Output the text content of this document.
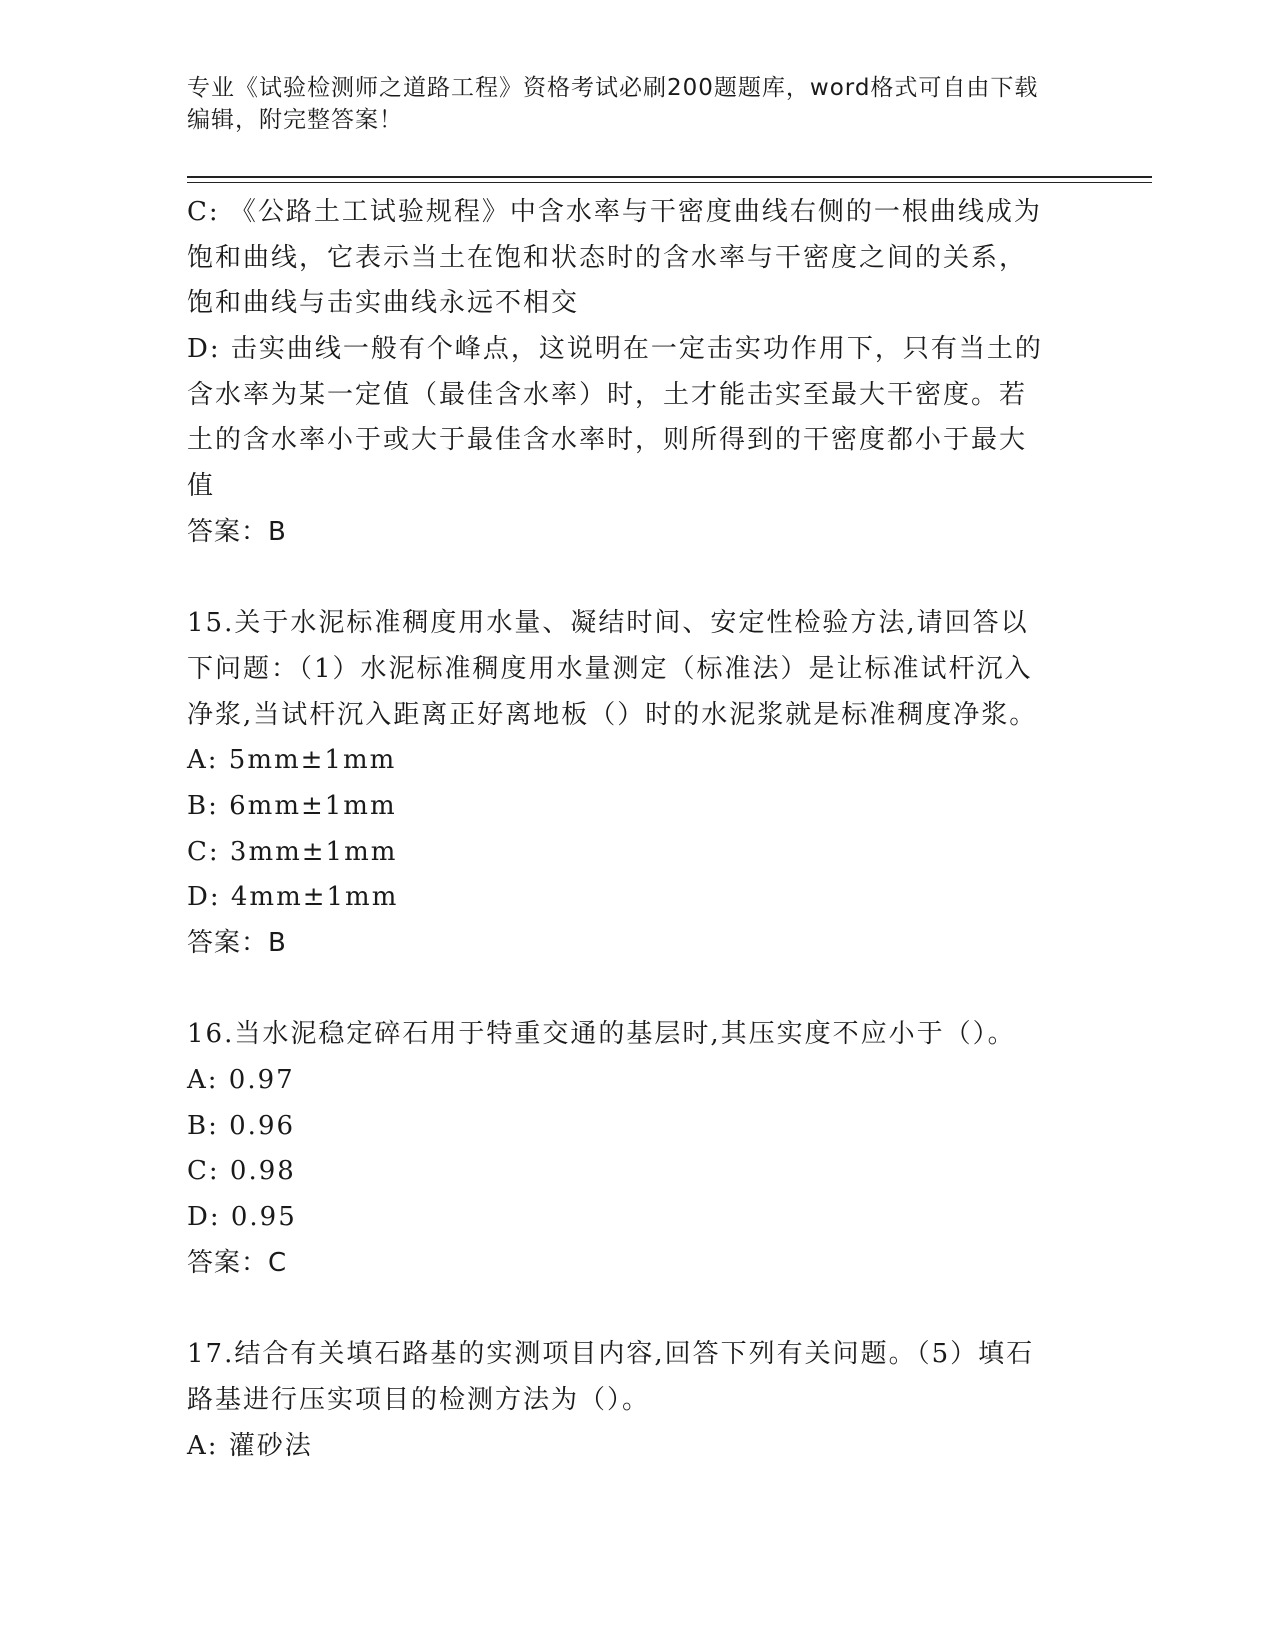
专业《试验检测师之道路工程》资格考试必刷200题题库，word格式可自由下载
编辑，附完整答案！
C: 《公路土工试验规程》中含水率与干密度曲线右侧的一根曲线成为
饱和曲线，它表示当土在饱和状态时的含水率与干密度之间的关系，
饱和曲线与击实曲线永远不相交
D: 击实曲线一般有个峰点，这说明在一定击实功作用下，只有当土的
含水率为某一定值（最佳含水率）时，土才能击实至最大干密度。若
土的含水率小于或大于最佳含水率时，则所得到的干密度都小于最大
值
答案：B
15.关于水泥标准稠度用水量、凝结时间、安定性检验方法,请回答以
下问题：（1）水泥标准稠度用水量测定（标准法）是让标准试杆沉入
净浆,当试杆沉入距离正好离地板（）时的水泥浆就是标准稠度净浆。
A: 5mm±1mm
B: 6mm±1mm
C: 3mm±1mm
D: 4mm±1mm
答案：B
16.当水泥稳定碎石用于特重交通的基层时,其压实度不应小于（）。
A: 0.97
B: 0.96
C: 0.98
D: 0.95
答案：C
17.结合有关填石路基的实测项目内容,回答下列有关问题。（5）填石
路基进行压实项目的检测方法为（）。
A: 灌砂法
